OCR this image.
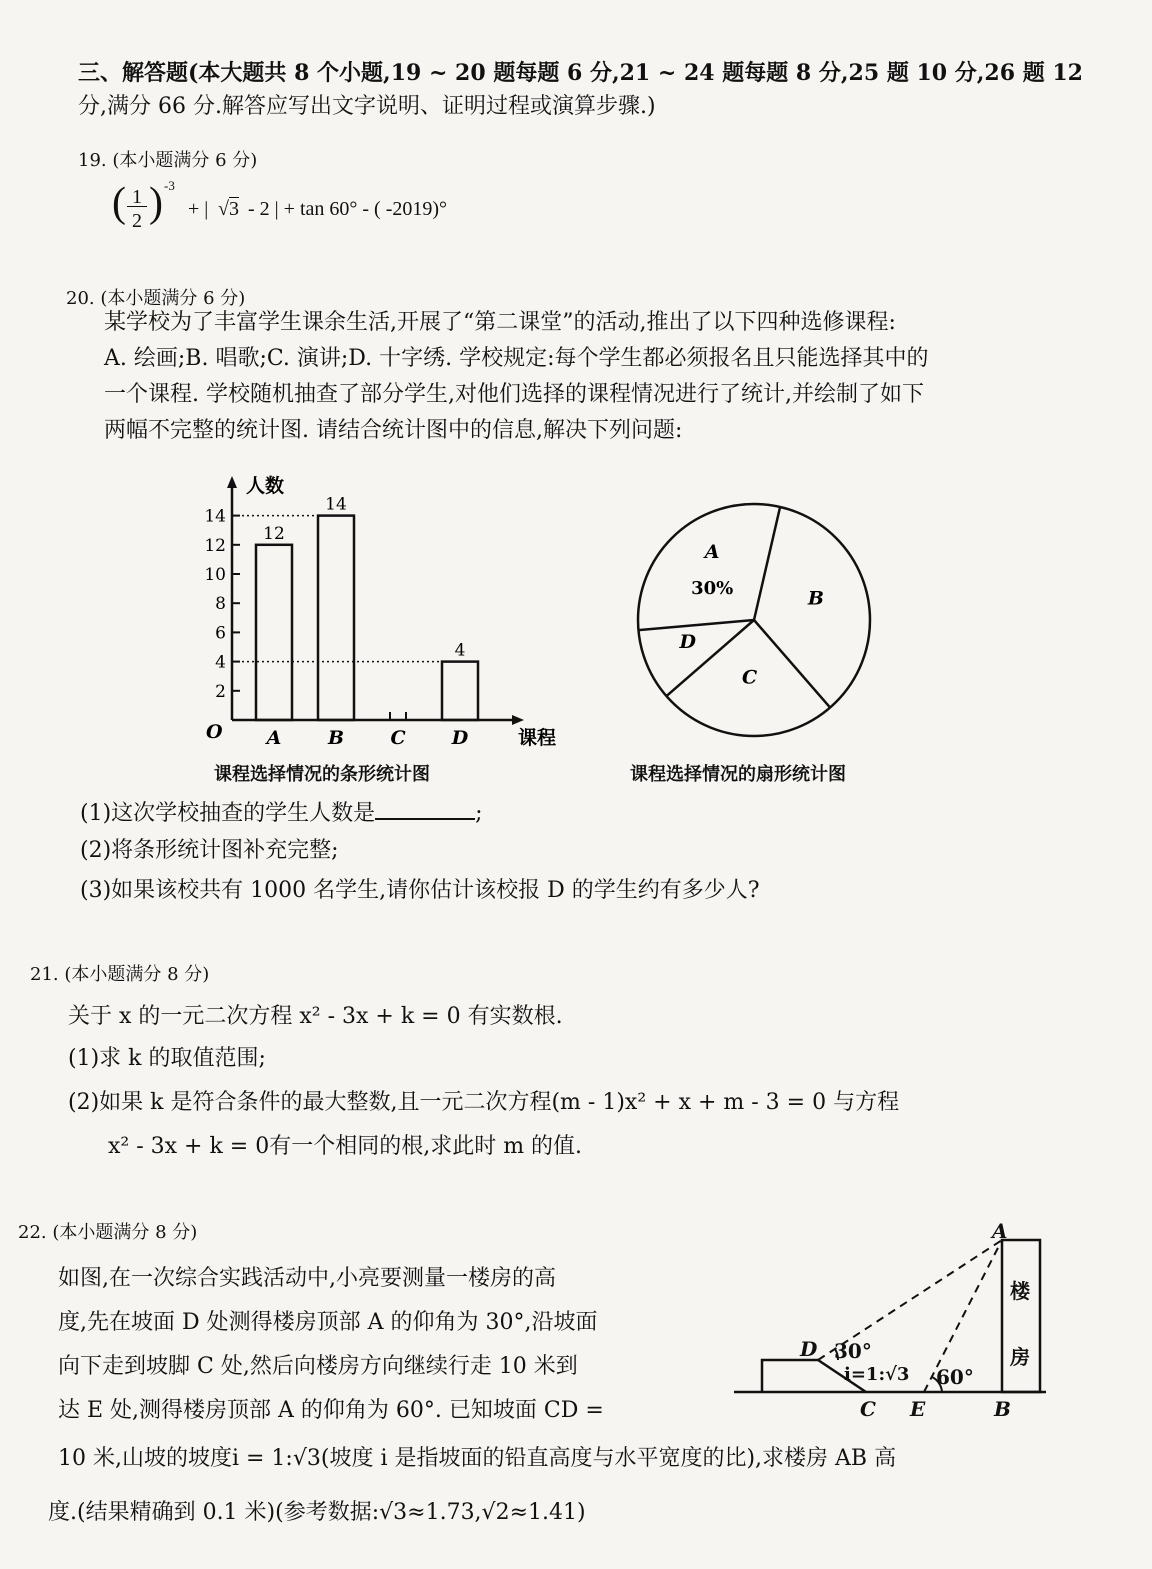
三、解答题(本大题共 8 个小题,19 ~ 20 题每题 6 分,21 ~ 24 题每题 8 分,25 题 10 分,26 题 12
分,满分 66 分.解答应写出文字说明、证明过程或演算步骤.)
19. (本小题满分 6 分)
( 1
2 ) -3
+ | √3 - 2 | + tan 60° - ( -2019)°
20. (本小题满分 6 分)
某学校为了丰富学生课余生活,开展了“第二课堂”的活动,推出了以下四种选修课程:
A. 绘画;B. 唱歌;C. 演讲;D. 十字绣. 学校规定:每个学生都必须报名且只能选择其中的
一个课程. 学校随机抽查了部分学生,对他们选择的课程情况进行了统计,并绘制了如下
两幅不完整的统计图. 请结合统计图中的信息,解决下列问题:
人数
课程
O
2
4
6
8
10
12
14
12
A
14
B C
4
D
课程选择情况的条形统计图
A
30%	B
C
D
课程选择情况的扇形统计图
(1)这次学校抽查的学生人数是	;
(2)将条形统计图补充完整;
(3)如果该校共有 1000 名学生,请你估计该校报 D 的学生约有多少人?
21. (本小题满分 8 分)
关于 x 的一元二次方程 x² - 3x + k = 0 有实数根.
(1)求 k 的取值范围;
(2)如果 k 是符合条件的最大整数,且一元二次方程(m - 1)x² + x + m - 3 = 0 与方程
x² - 3x + k = 0有一个相同的根,求此时 m 的值.
22. (本小题满分 8 分)
如图,在一次综合实践活动中,小亮要测量一楼房的高
度,先在坡面 D 处测得楼房顶部 A 的仰角为 30°,沿坡面
向下走到坡脚 C 处,然后向楼房方向继续行走 10 米到
达 E 处,测得楼房顶部 A 的仰角为 60°. 已知坡面 CD =
10 米,山坡的坡度i = 1:√3(坡度 i 是指坡面的铅直高度与水平宽度的比),求楼房 AB 高
度.(结果精确到 0.1 米)(参考数据:√3≈1.73,√2≈1.41)
A
D
C E	B
楼
房
30°
60°
i=1:√3
